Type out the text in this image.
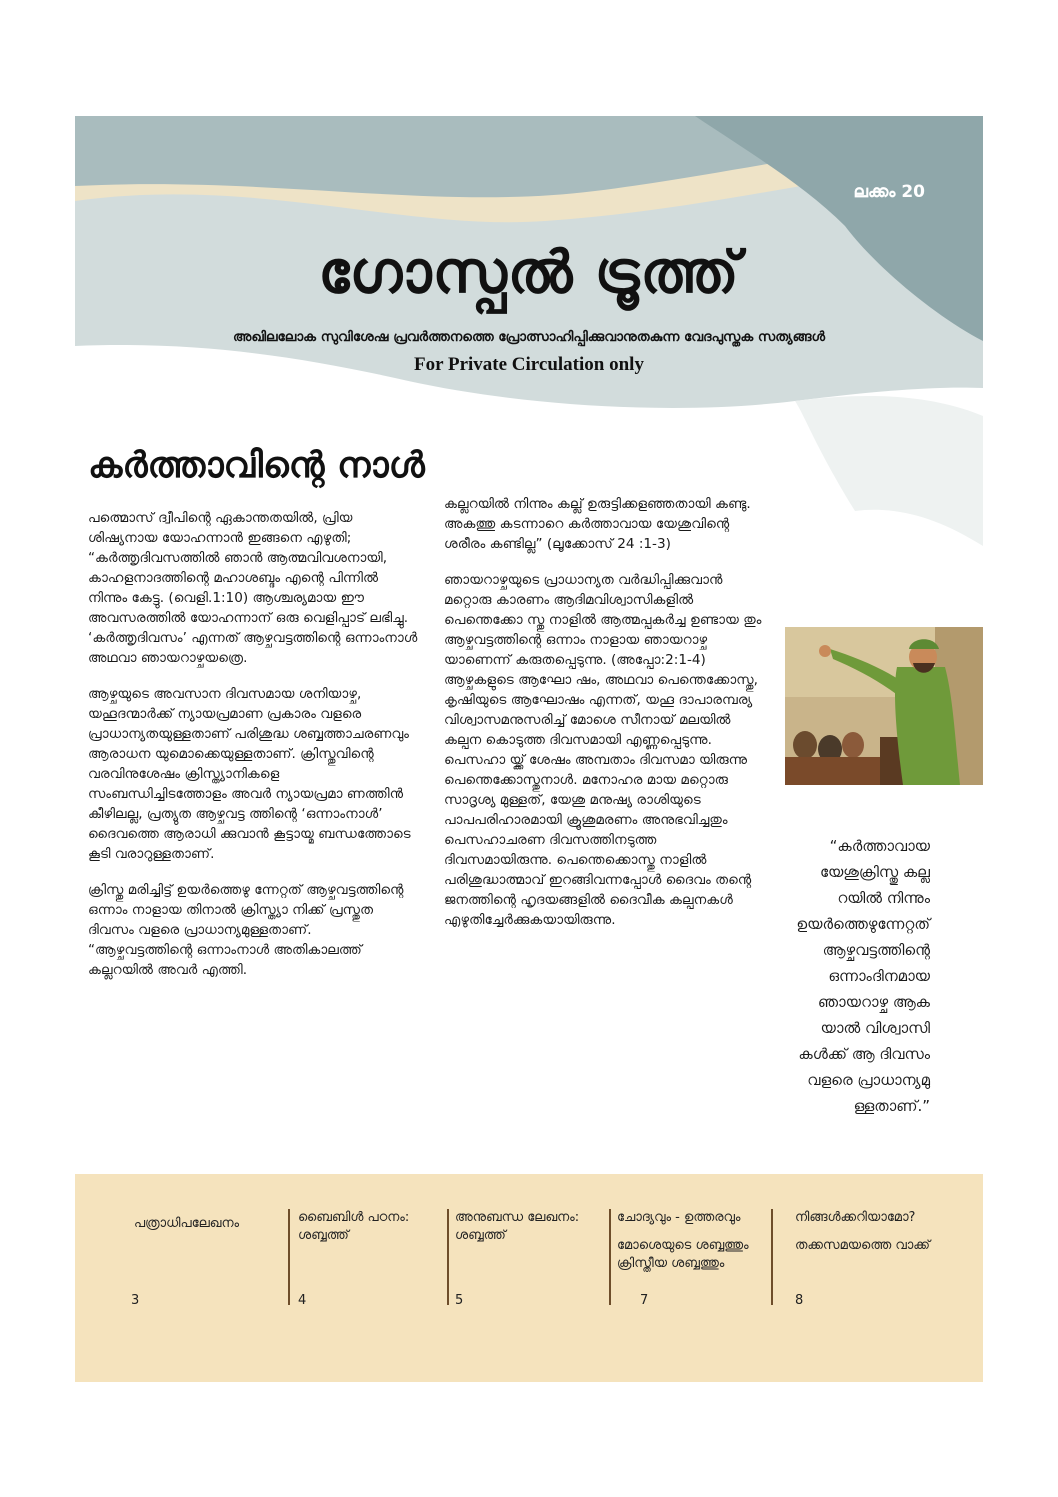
ലക്കം 20
ഗോസ്പൽ ട്രൂത്ത്
അഖിലലോക സുവിശേഷ പ്രവർത്തനത്തെ പ്രോത്സാഹിപ്പിക്കുവാനുതകുന്ന വേദപുസ്തക സത്യങ്ങൾ
For Private Circulation only
കർത്താവിന്റെ നാൾ

പത്മൊസ് ദ്വീപിന്റെ ഏകാന്തതയിൽ, പ്രിയ ശിഷ്യനായ യോഹന്നാൻ ഇങ്ങനെ എഴുതി; “കർത്തൃദിവസത്തിൽ ഞാൻ ആത്മവിവശനായി, കാഹളനാദത്തിന്റെ മഹാശബ്ദം എന്റെ പിന്നിൽ നിന്നും കേട്ടു. (വെളി.1:10) ആശ്ചര്യമായ ഈ അവസരത്തിൽ യോഹന്നാന് ഒരു വെളിപ്പാട് ലഭിച്ചു. ‘കർത്തൃദിവസം’ എന്നത് ആഴ്ചവട്ടത്തിന്റെ ഒന്നാംനാൾ അഥവാ ഞായറാഴ്ചയത്രെ.

ആഴ്ചയുടെ അവസാന ദിവസമായ ശനിയാഴ്ച, യഹൂദന്മാർക്ക് ന്യായപ്രമാണ പ്രകാരം വളരെ പ്രാധാന്യതയുള്ളതാണ് പരിശുദ്ധ ശബ്ബത്താചരണവും ആരാധന യുമൊക്കെയുള്ളതാണ്. ക്രിസ്തുവിന്റെ വരവിനുശേഷം ക്രിസ്ത്യാനികളെ സംബന്ധിച്ചിടത്തോളം അവർ ന്യായപ്രമാ ണത്തിൻ കീഴിലല്ല, പ്രത്യുത ആഴ്ചവട്ട ത്തിന്റെ ‘ഒന്നാംനാൾ’ ദൈവത്തെ ആരാധി ക്കുവാൻ കൂട്ടായ്മ ബന്ധത്തോടെ കൂടി വരാറുള്ളതാണ്.

ക്രിസ്തു മരിച്ചിട്ട് ഉയർത്തെഴു ന്നേറ്റത് ആഴ്ചവട്ടത്തിന്റെ ഒന്നാം നാളായ തിനാൽ ക്രിസ്ത്യാ നിക്ക് പ്രസ്തുത ദിവസം വളരെ പ്രാധാന്യമുള്ളതാണ്. “ആഴ്ചവട്ടത്തിന്റെ ഒന്നാംനാൾ അതികാലത്ത് കല്ലറയിൽ അവർ എത്തി.

കല്ലറയിൽ നിന്നും കല്ല് ഉരുട്ടിക്കളഞ്ഞതായി കണ്ടു. അകത്തു കടന്നാറെ കർത്താവായ യേശുവിന്റെ ശരീരം കണ്ടില്ല” (ലൂക്കോസ് 24 :1-3)

ഞായറാഴ്ചയുടെ പ്രാധാന്യത വർദ്ധിപ്പിക്കുവാൻ മറ്റൊരു കാരണം ആദിമവിശ്വാസികളിൽ പെന്തെക്കോ സ്തു നാളിൽ ആത്മപ്പകർച്ച ഉണ്ടായ തും ആഴ്ചവട്ടത്തിന്റെ ഒന്നാം നാളായ ഞായറാഴ്ച യാണെന്ന് കരുതപ്പെടുന്നു. (അപ്പോ:2:1-4) ആഴ്ചകളുടെ ആഘോ ഷം, അഥവാ പെന്തെക്കോസ്തു, കൃഷിയുടെ ആഘോഷം എന്നത്, യഹൂ ദാപാരമ്പര്യ വിശ്വാസമനുസരിച്ച് മോശെ സീനായ് മലയിൽ കല്പന കൊടുത്ത ദിവസമായി എണ്ണപ്പെടുന്നു. പെസഹാ യ്ക്ക് ശേഷം അമ്പതാം ദിവസമാ യിരുന്നു പെന്തെക്കോസ്തുനാൾ. മനോഹര മായ മറ്റൊരു സാദൃശ്യ മുള്ളത്, യേശു മനുഷ്യ രാശിയുടെ പാപപരിഹാരമായി ക്രൂശുമരണം അനുഭവിച്ചതും പെസഹാചരണ ദിവസത്തിനടുത്ത ദിവസമായിരുന്നു. പെന്തെക്കൊസ്തു നാളിൽ പരിശുദ്ധാത്മാവ് ഇറങ്ങിവന്നപ്പോൾ ദൈവം തന്റെ ജനത്തിന്റെ ഹൃദയങ്ങളിൽ ദൈവീക കല്പനകൾ എഴുതിച്ചേർക്കുകയായിരുന്നു.

“കർത്താവായ യേശുക്രിസ്തു കല്ല റയിൽ നിന്നും ഉയർത്തെഴുന്നേറ്റത് ആഴ്ചവട്ടത്തിന്റെ ഒന്നാംദിനമായ ഞായറാഴ്ച ആക യാൽ വിശ്വാസി കൾക്ക് ആ ദിവസം വളരെ പ്രാധാന്യമു ള്ളതാണ്.”
പത്രാധിപലേഖനം
3
ബൈബിൾ പഠനം:
ശബ്ബത്ത്
4
അനുബന്ധ ലേഖനം:
ശബ്ബത്ത്
5
ചോദ്യവും - ഉത്തരവും
മോശെയുടെ ശബ്ബത്തും ക്രിസ്തീയ ശബ്ബത്തും
7
നിങ്ങൾക്കറിയാമോ?
തക്കസമയത്തെ വാക്ക്
8
